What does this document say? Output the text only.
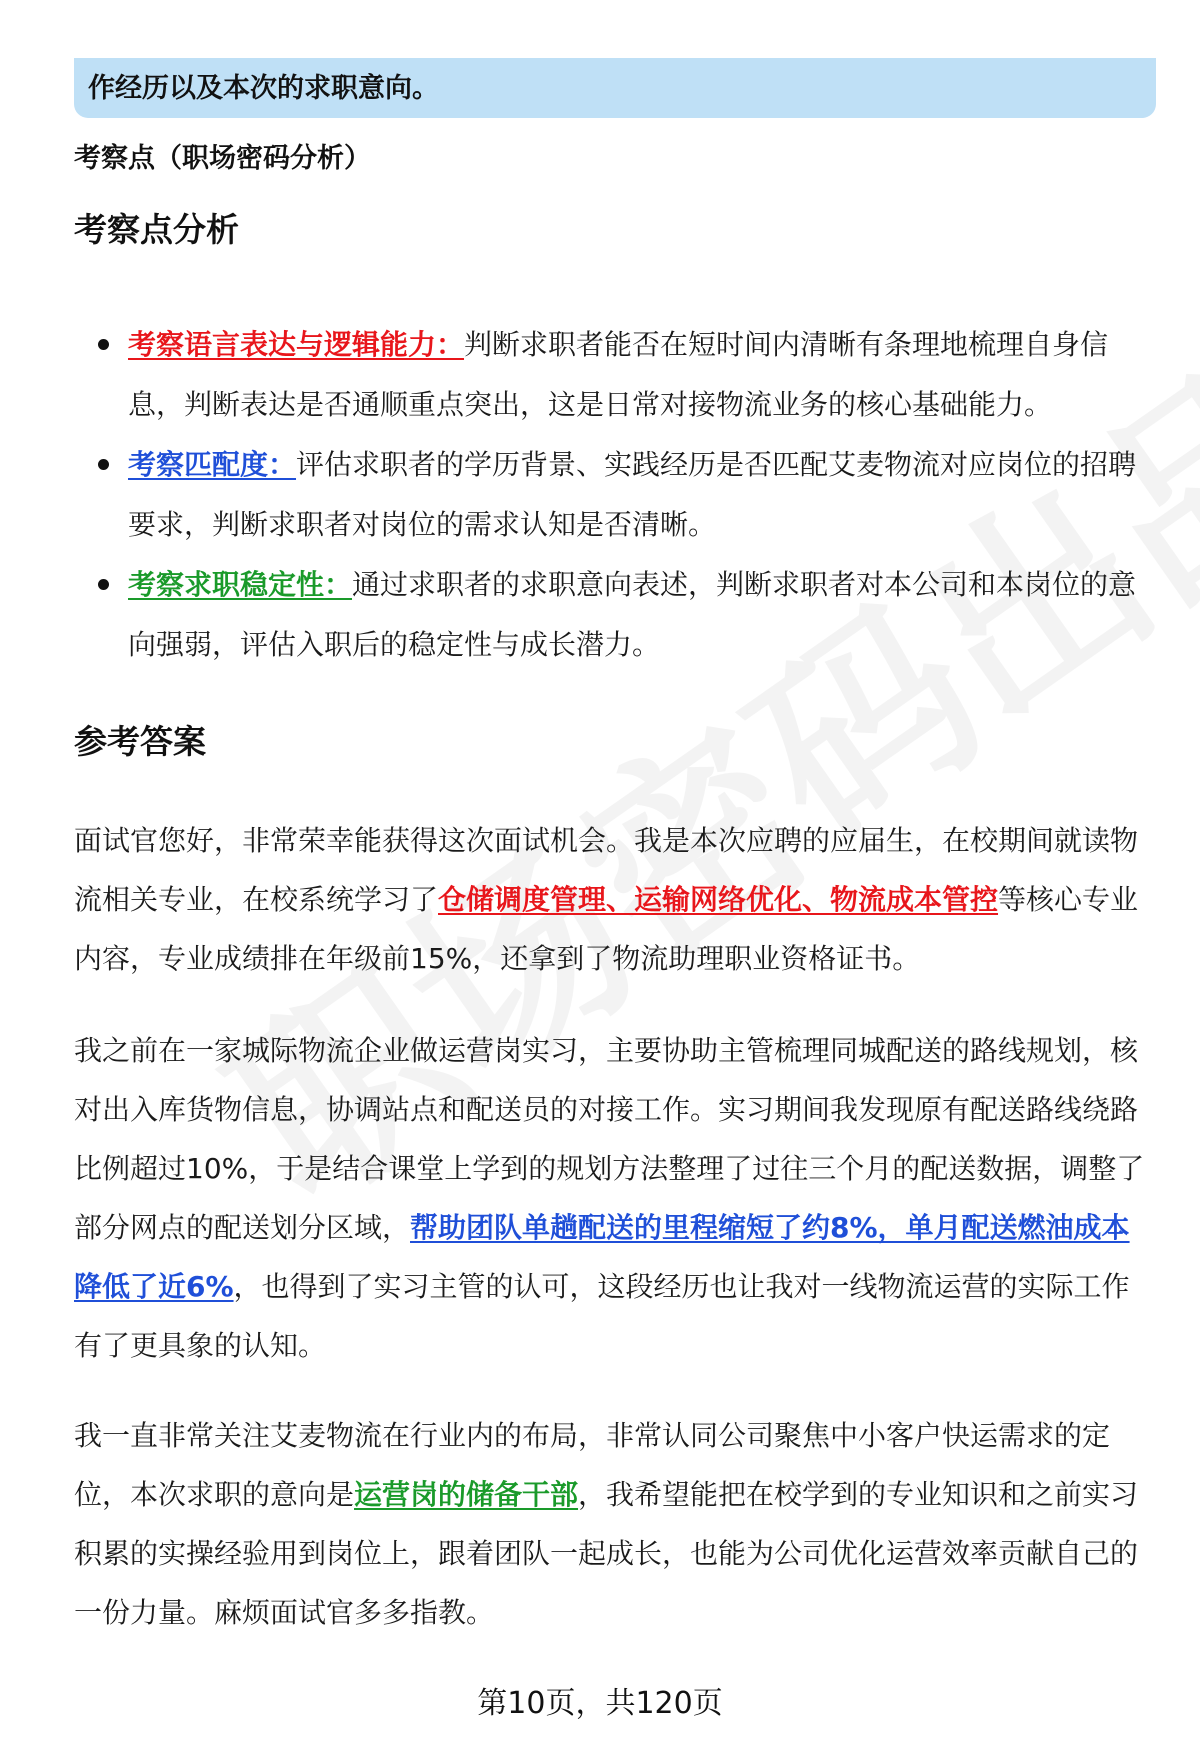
作经历以及本次的求职意向。
考察点（职场密码分析）
考察点分析
考察语言表达与逻辑能力：判断求职者能否在短时间内清晰有条理地梳理自身信息，判断表达是否通顺重点突出，这是日常对接物流业务的核心基础能力。
考察匹配度：评估求职者的学历背景、实践经历是否匹配艾麦物流对应岗位的招聘要求，判断求职者对岗位的需求认知是否清晰。
考察求职稳定性：通过求职者的求职意向表述，判断求职者对本公司和本岗位的意向强弱，评估入职后的稳定性与成长潜力。
参考答案

面试官您好，非常荣幸能获得这次面试机会。我是本次应聘的应届生，在校期间就读物流相关专业，在校系统学习了仓储调度管理、运输网络优化、物流成本管控等核心专业内容，专业成绩排在年级前15%，还拿到了物流助理职业资格证书。

我之前在一家城际物流企业做运营岗实习，主要协助主管梳理同城配送的路线规划，核对出入库货物信息，协调站点和配送员的对接工作。实习期间我发现原有配送路线绕路比例超过10%，于是结合课堂上学到的规划方法整理了过往三个月的配送数据，调整了部分网点的配送划分区域，帮助团队单趟配送的里程缩短了约8%，单月配送燃油成本降低了近6%，也得到了实习主管的认可，这段经历也让我对一线物流运营的实际工作有了更具象的认知。

我一直非常关注艾麦物流在行业内的布局，非常认同公司聚焦中小客户快运需求的定位，本次求职的意向是运营岗的储备干部，我希望能把在校学到的专业知识和之前实习积累的实操经验用到岗位上，跟着团队一起成长，也能为公司优化运营效率贡献自己的一份力量。麻烦面试官多多指教。

第10页，共120页
